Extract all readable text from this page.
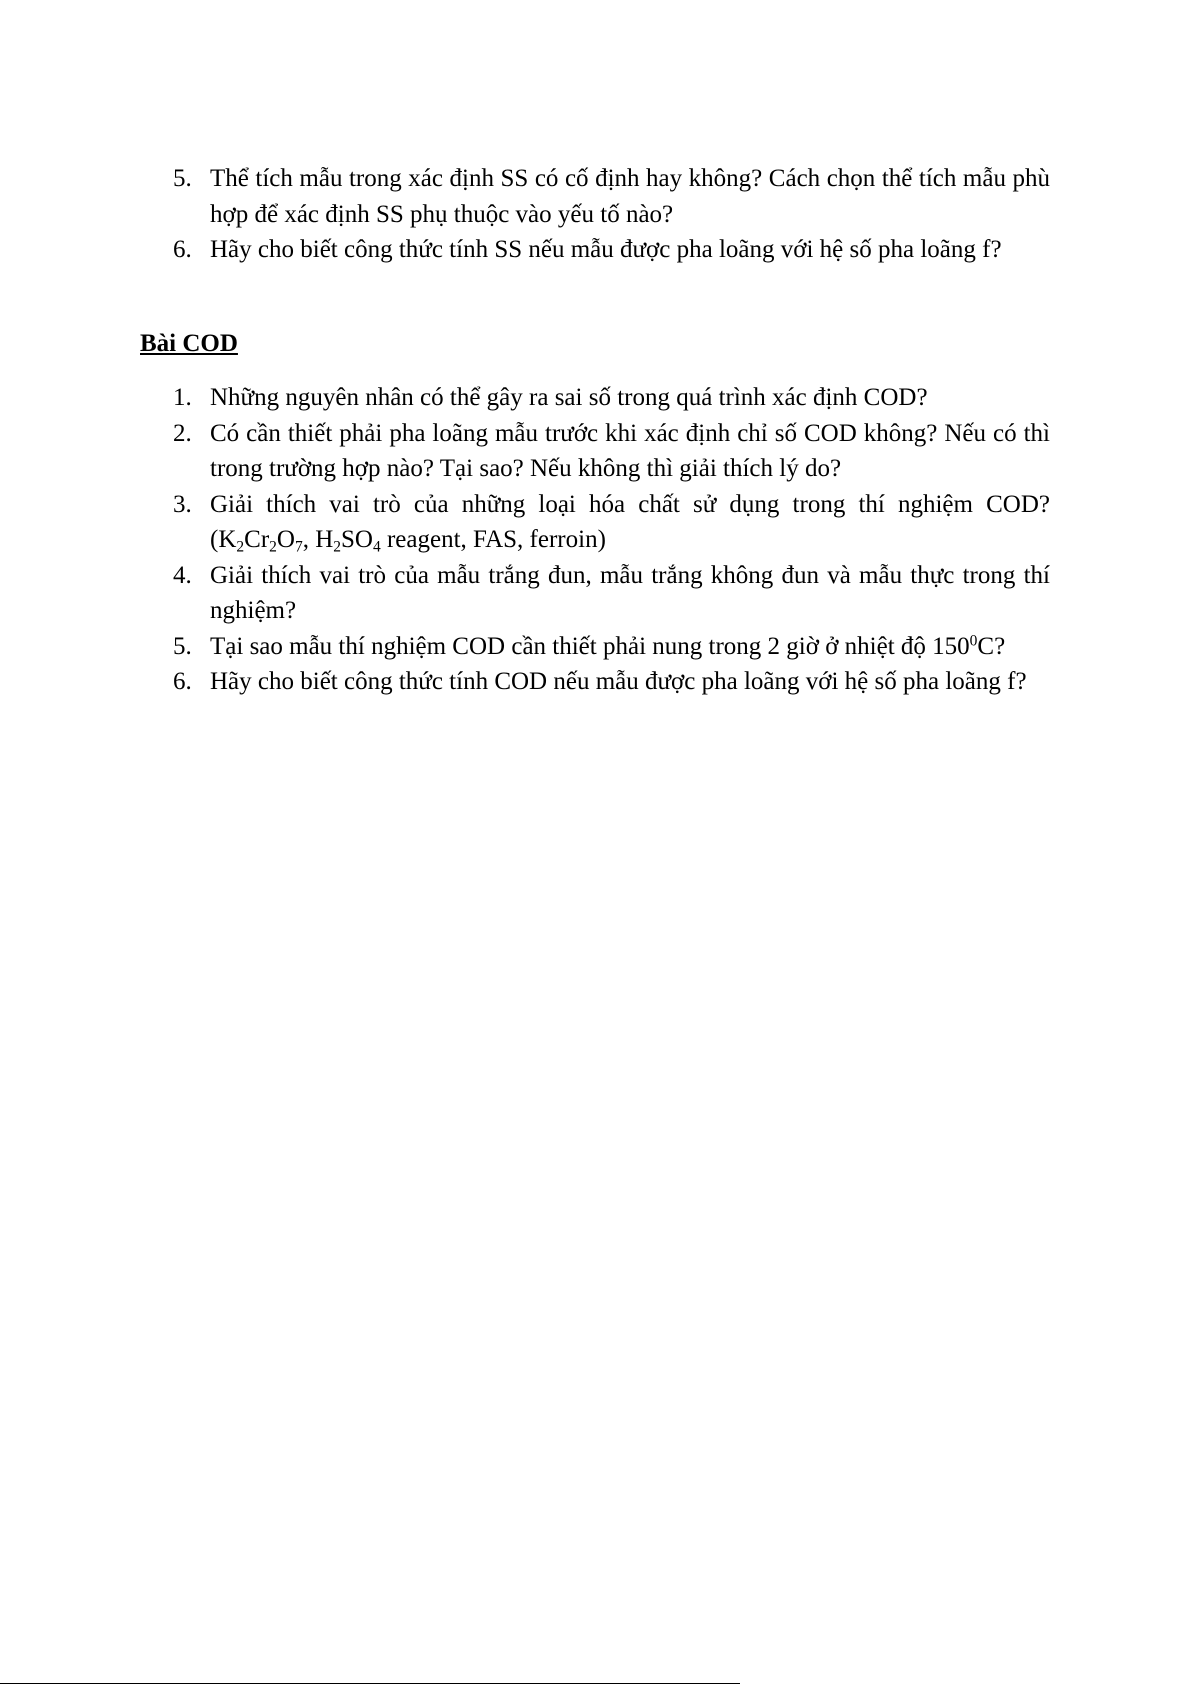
5. Thể tích mẫu trong xác định SS có cố định hay không? Cách chọn thể tích mẫu phù hợp để xác định SS phụ thuộc vào yếu tố nào?
6. Hãy cho biết công thức tính SS nếu mẫu được pha loãng với hệ số pha loãng f?
Bài COD
1. Những nguyên nhân có thể gây ra sai số trong quá trình xác định COD?
2. Có cần thiết phải pha loãng mẫu trước khi xác định chỉ số COD không? Nếu có thì trong trường hợp nào? Tại sao? Nếu không thì giải thích lý do?
3. Giải thích vai trò của những loại hóa chất sử dụng trong thí nghiệm COD? ($K_2Cr_2O_7$, $H_2SO_4$ reagent, FAS, ferroin)
4. Giải thích vai trò của mẫu trắng đun, mẫu trắng không đun và mẫu thực trong thí nghiệm?
5. Tại sao mẫu thí nghiệm COD cần thiết phải nung trong 2 giờ ở nhiệt độ $150^0C$?
6. Hãy cho biết công thức tính COD nếu mẫu được pha loãng với hệ số pha loãng f?
